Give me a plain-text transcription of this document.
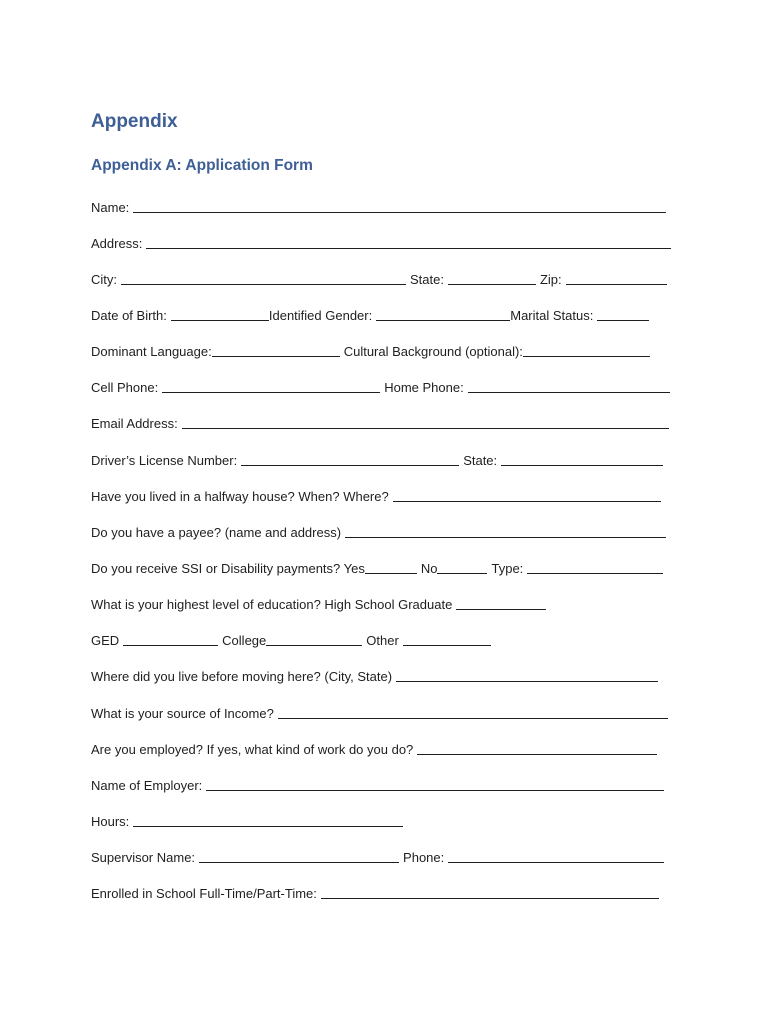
Appendix
Appendix A: Application Form
Name:
Address:
City:	State:	Zip:
Date of Birth:	Identified Gender:	Marital Status:
Dominant Language:	Cultural Background (optional):
Cell Phone:	Home Phone:
Email Address:
Driver’s License Number:	State:
Have you lived in a halfway house? When? Where?
Do you have a payee? (name and address)
Do you receive SSI or Disability payments? Yes	No	Type:
What is your highest level of education? High School Graduate
GED	College	Other
Where did you live before moving here? (City, State)
What is your source of Income?
Are you employed? If yes, what kind of work do you do?
Name of Employer:
Hours:
Supervisor Name:	Phone:
Enrolled in School Full-Time/Part-Time:
